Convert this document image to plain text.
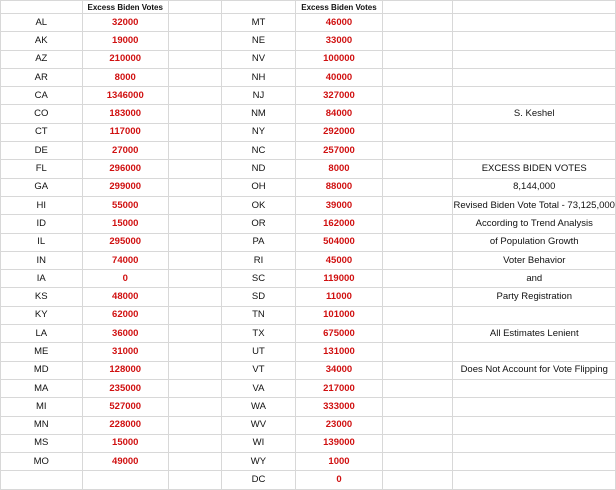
	Excess Biden Votes			Excess Biden Votes		
AL	32000		MT	46000		
AK	19000		NE	33000		
AZ	210000		NV	100000		
AR	8000		NH	40000		
CA	1346000		NJ	327000		
CO	183000		NM	84000		S. Keshel
CT	117000		NY	292000		
DE	27000		NC	257000		
FL	296000		ND	8000		EXCESS BIDEN VOTES
GA	299000		OH	88000		8,144,000
HI	55000		OK	39000		Revised Biden Vote Total - 73,125,000
ID	15000		OR	162000		According to Trend Analysis
IL	295000		PA	504000		of Population Growth
IN	74000		RI	45000		Voter Behavior
IA	0		SC	119000		and
KS	48000		SD	11000		Party Registration
KY	62000		TN	101000		
LA	36000		TX	675000		All Estimates Lenient
ME	31000		UT	131000		
MD	128000		VT	34000		Does Not Account for Vote Flipping
MA	235000		VA	217000		
MI	527000		WA	333000		
MN	228000		WV	23000		
MS	15000		WI	139000		
MO	49000		WY	1000		
			DC	0		
